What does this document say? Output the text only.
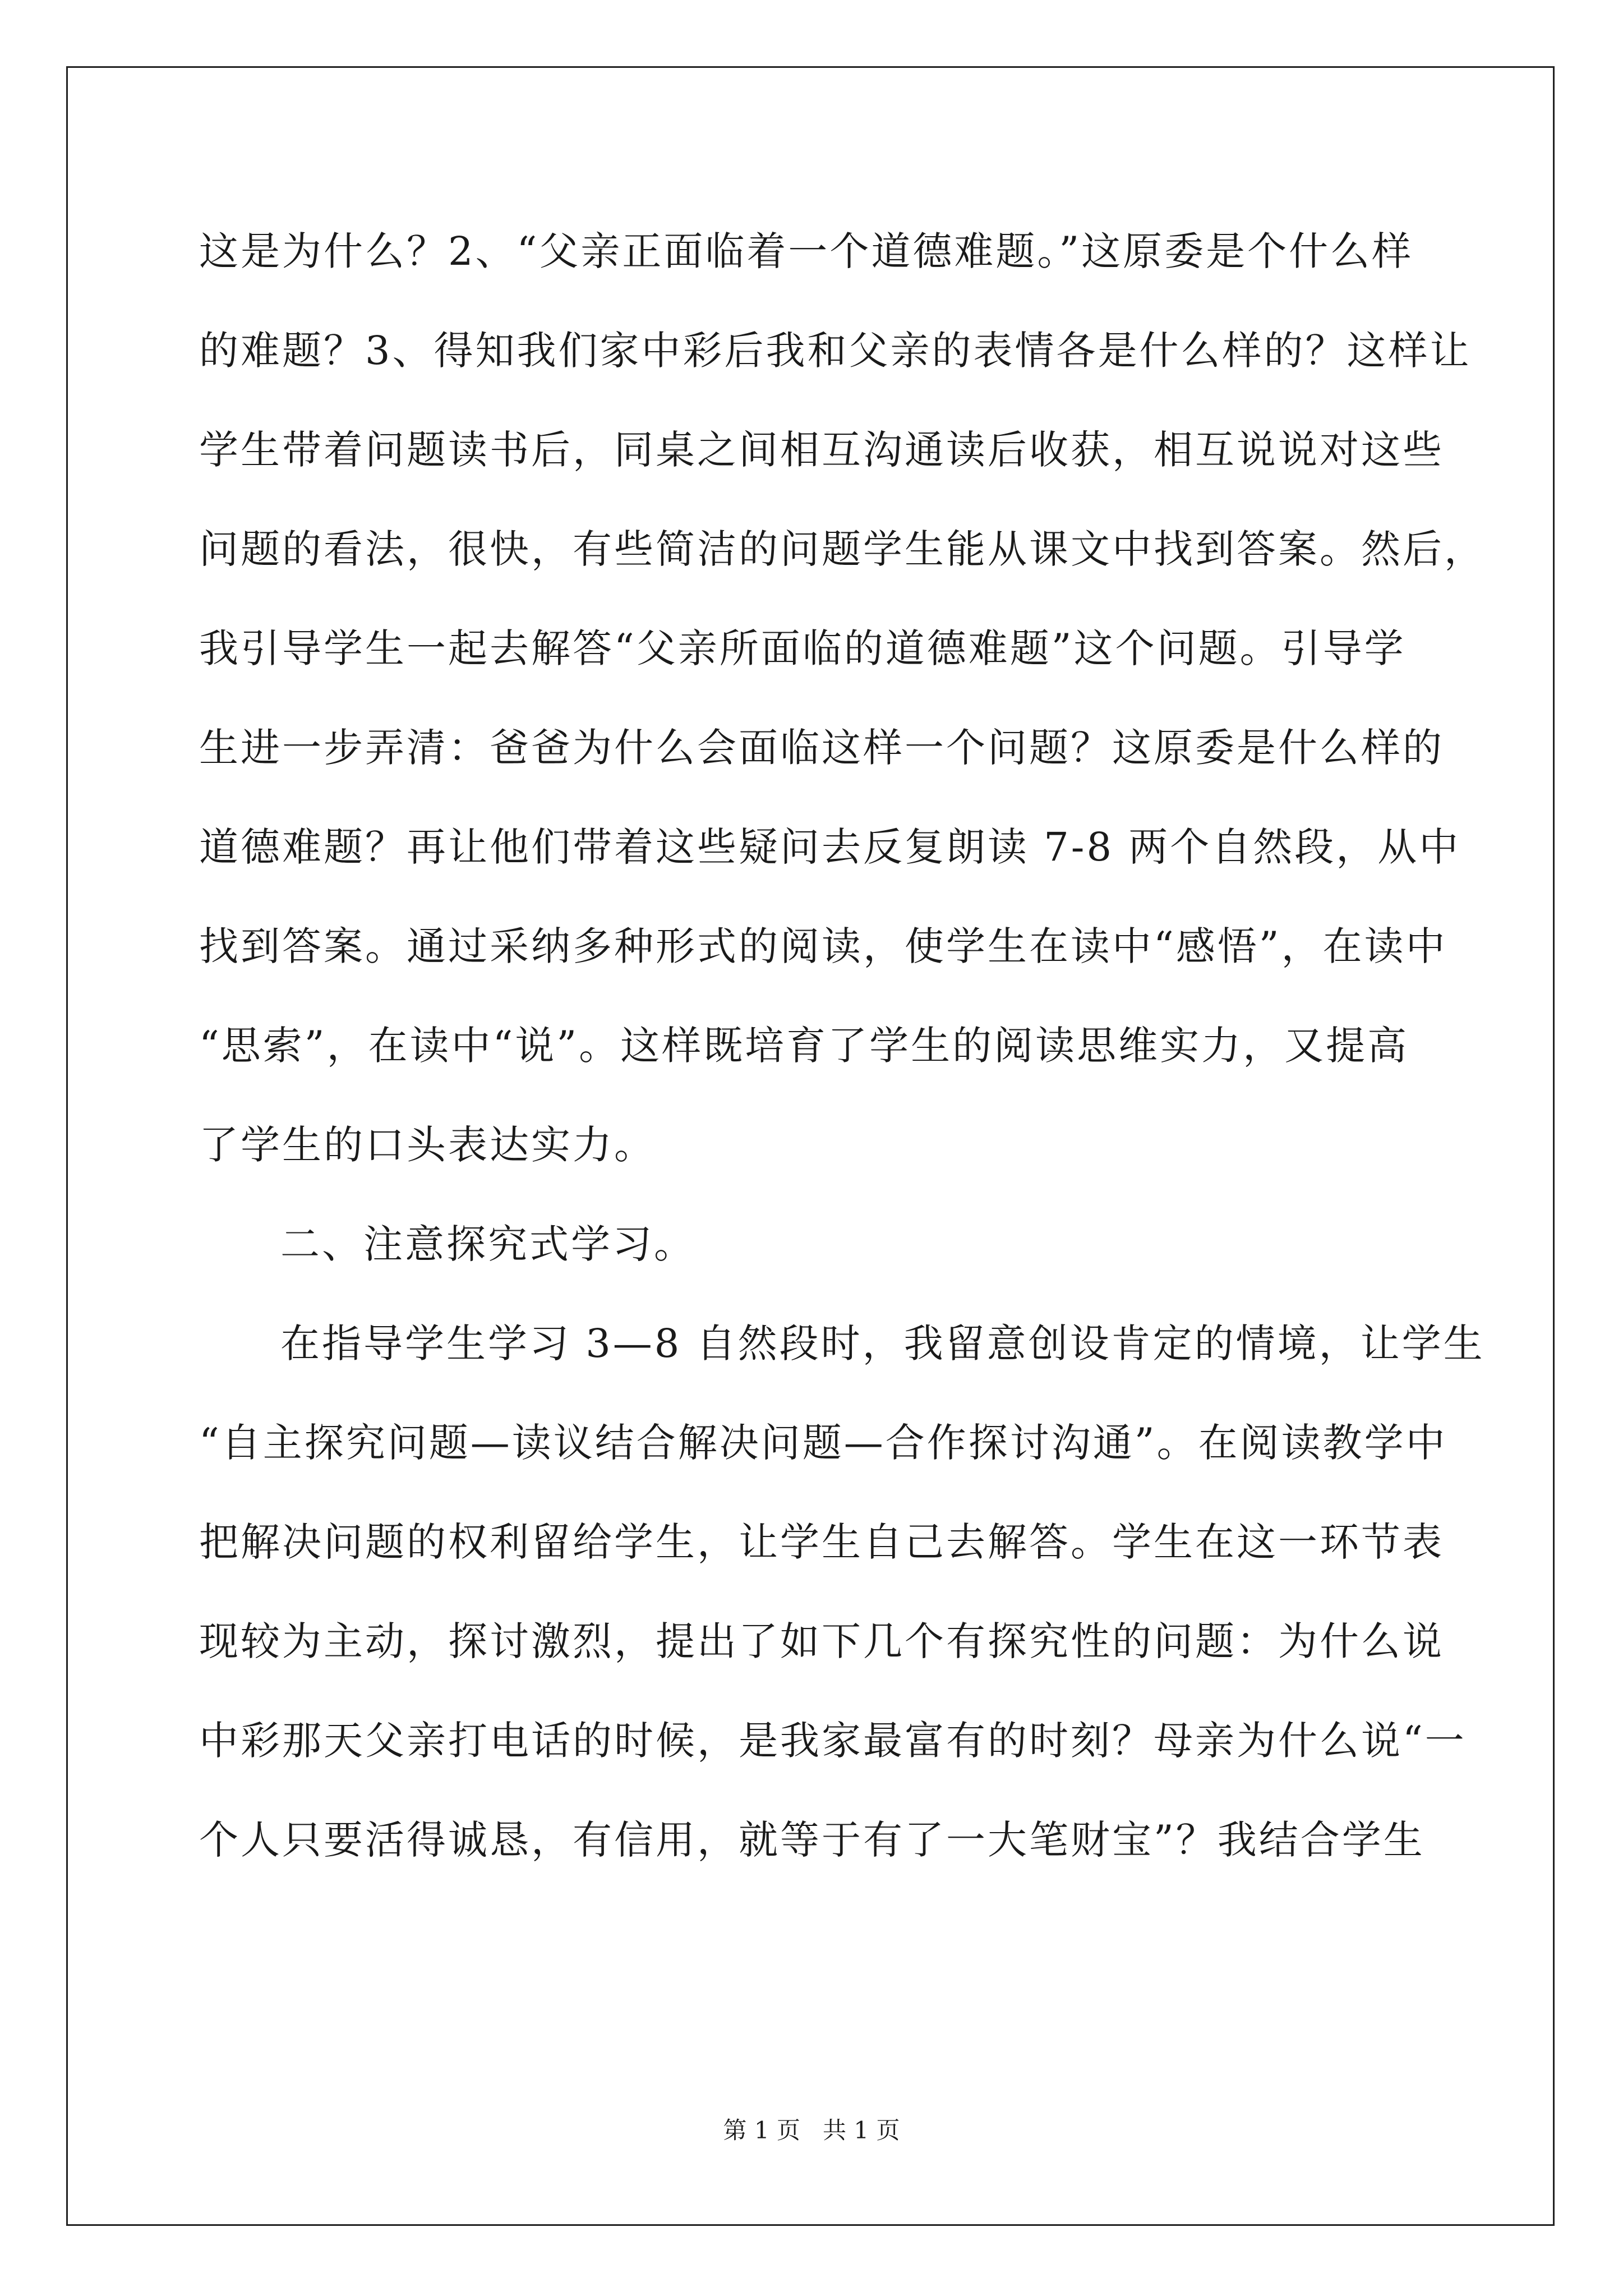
这是为什么？2、“父亲正面临着一个道德难题。”这原委是个什么样
的难题？3、得知我们家中彩后我和父亲的表情各是什么样的？这样让
学生带着问题读书后，同桌之间相互沟通读后收获，相互说说对这些
问题的看法，很快，有些简洁的问题学生能从课文中找到答案。然后，
我引导学生一起去解答“父亲所面临的道德难题”这个问题。引导学
生进一步弄清：爸爸为什么会面临这样一个问题？这原委是什么样的
道德难题？再让他们带着这些疑问去反复朗读 7-8 两个自然段，从中
找到答案。通过采纳多种形式的阅读，使学生在读中“感悟”，在读中
“思索”，在读中“说”。这样既培育了学生的阅读思维实力，又提高
了学生的口头表达实力。
二、注意探究式学习。
在指导学生学习 3—8 自然段时，我留意创设肯定的情境，让学生
“自主探究问题—读议结合解决问题—合作探讨沟通”。在阅读教学中
把解决问题的权利留给学生，让学生自己去解答。学生在这一环节表
现较为主动，探讨激烈，提出了如下几个有探究性的问题：为什么说
中彩那天父亲打电话的时候，是我家最富有的时刻？母亲为什么说“一
个人只要活得诚恳，有信用，就等于有了一大笔财宝”？我结合学生
第 1 页   共 1 页
